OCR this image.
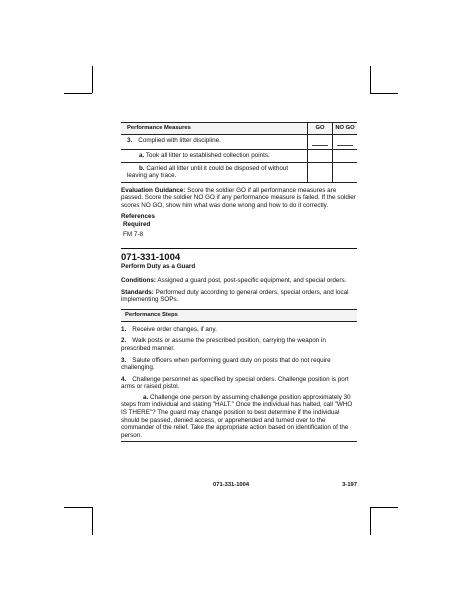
Performance Measures	GO	NO GO
3. Complied with litter discipline.
a. Took all litter to established collection points.
b. Carried all litter until it could be disposed of without leaving any trace.
Evaluation Guidance: Score the soldier GO if all performance measures are passed. Score the soldier NO GO if any performance measure is failed. If the soldier scores NO GO, show him what was done wrong and how to do it correctly.
References
Required
FM 7-8
071-331-1004
Perform Duty as a Guard
Conditions: Assigned a guard post, post-specific equipment, and special orders.
Standards: Performed duty according to general orders, special orders, and local implementing SOPs.
Performance Steps
1. Receive order changes, if any.
2. Walk posts or assume the prescribed position, carrying the weapon in prescribed manner.
3. Salute officers when performing guard duty on posts that do not require challenging.
4. Challenge personnel as specified by special orders. Challenge position is port arms or raised pistol.
a. Challenge one person by assuming challenge position approximately 30 steps from individual and stating "HALT." Once the individual has halted, call "WHO IS THERE"? The guard may change position to best determine if the individual should be passed, denied access, or apprehended and turned over to the commander of the relief. Take the appropriate action based on identification of the person.
071-331-1004	3-197
